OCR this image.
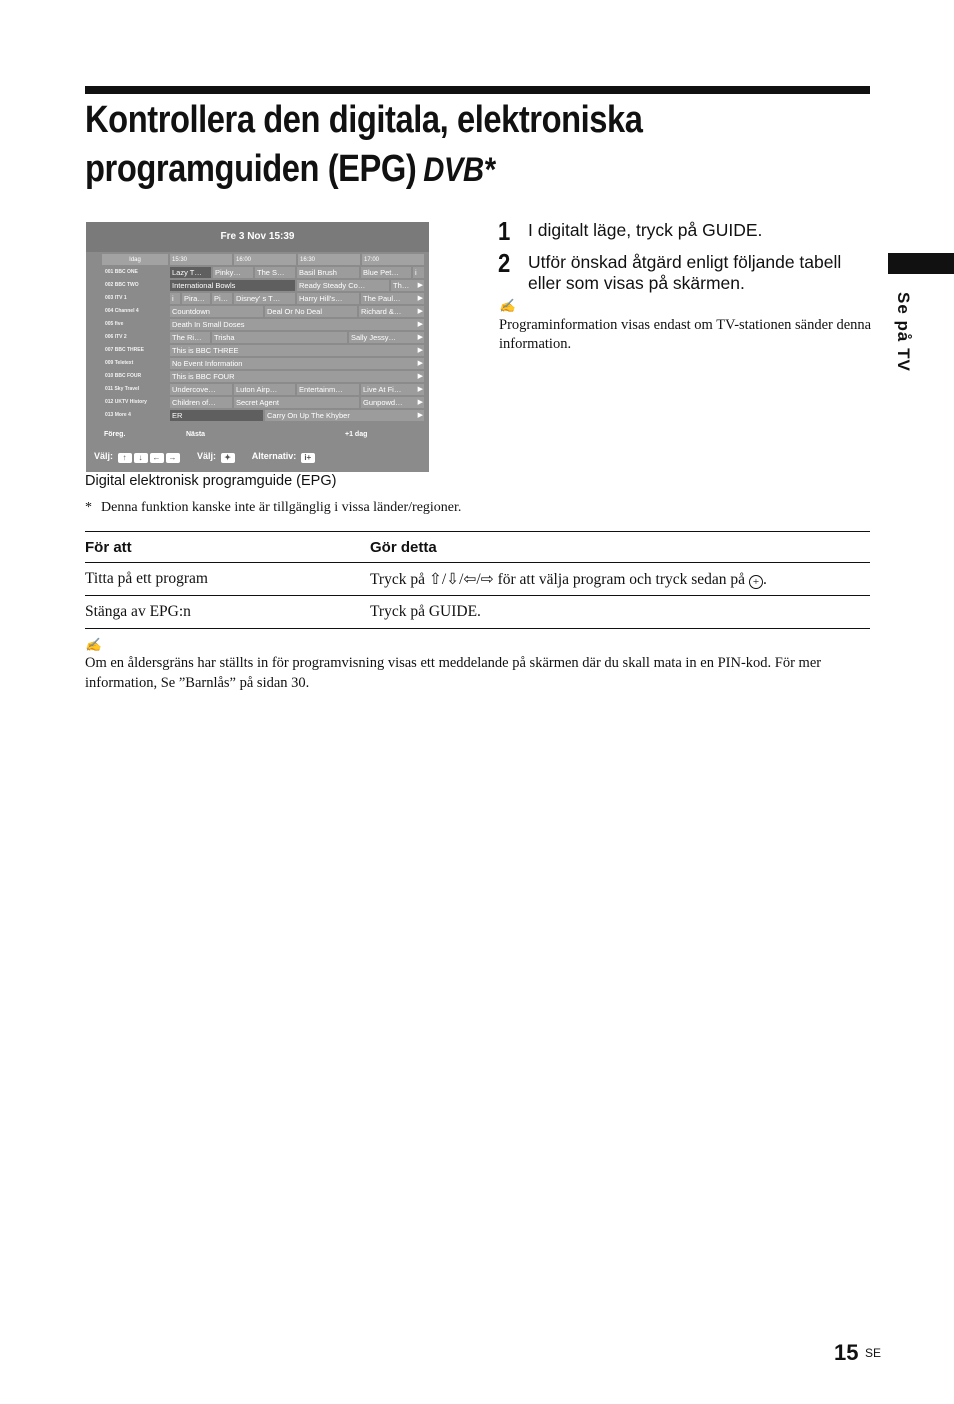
Kontrollera den digitala, elektroniska
programguiden (EPG) DVB*
Se på TV
Fre 3 Nov 15:39
Idag	15:30	16:00	16:30	17:00
001 BBC ONE	Lazy T…	Pinky…	The S…	Basil Brush	Blue Pet…	i
002 BBC TWO	International Bowls	Ready Steady Co…	Th…	▶
003 ITV 1	i	Pira…	Pi…	Disney' s T…	Harry Hill's…	The Paul…	▶
004 Channel 4	Countdown	Deal Or No Deal	Richard &…	▶
005 five	Death In Small Doses	▶
006 ITV 2	The Ri…	Trisha	Sally Jessy…	▶
007 BBC THREE	This is BBC THREE	▶
009 Teletext	No Event Information	▶
010 BBC FOUR	This is BBC FOUR	▶
011 Sky Travel	Undercove…	Luton Airp…	Entertainm…	Live At Fi…	▶
012 UKTV History	Children of…	Secret Agent	Gunpowd…	▶
013 More 4	ER	Carry On Up The Khyber	▶
Föreg.	Nästa	+1 dag
Välj: ↑ ↓ ← → Välj: ✦ Alternativ: i+
Digital elektronisk programguide (EPG)
* Denna funktion kanske inte är tillgänglig i vissa länder/regioner.
1 I digitalt läge, tryck på GUIDE.
2 Utför önskad åtgärd enligt följande tabell eller som visas på skärmen.
✍
Programinformation visas endast om TV-stationen sänder denna information.
För att	Gör detta
Titta på ett program	Tryck på ⇧/⇩/⇦/⇨ för att välja program och tryck sedan på + .
Stänga av EPG:n	Tryck på GUIDE.
✍
Om en åldersgräns har ställts in för programvisning visas ett meddelande på skärmen där du skall mata in en PIN-kod. För mer information, Se ”Barnlås” på sidan 30.
15 SE
